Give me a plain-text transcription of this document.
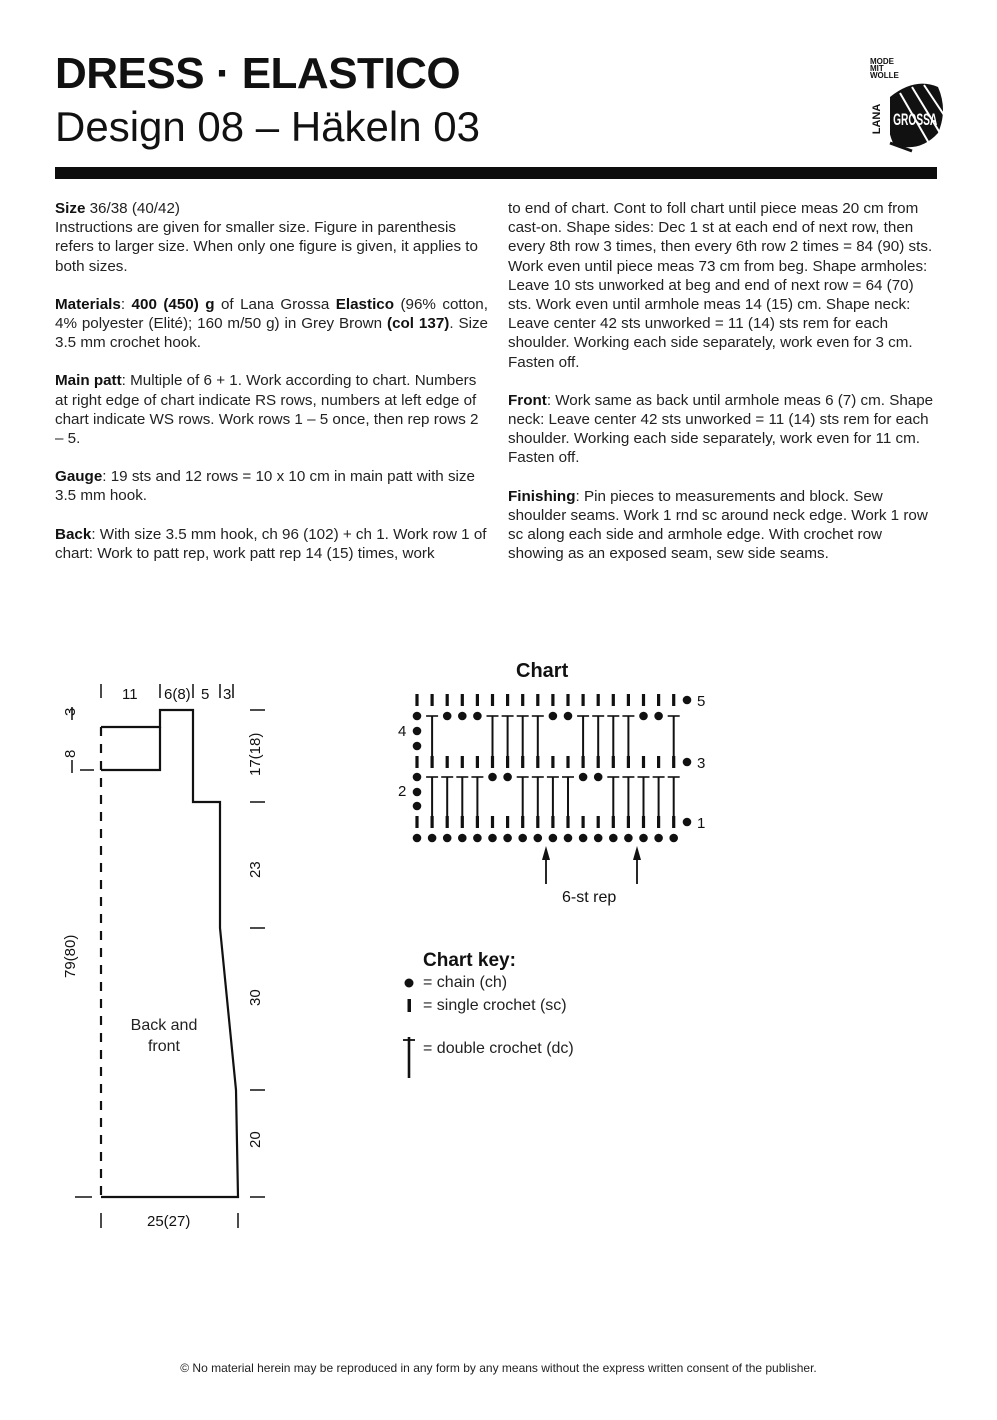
DRESS · ELASTICO
Design 08 – Häkeln 03
MODE
MIT
WOLLE
LANA GROSSA

Size 36/38 (40/42)
Instructions are given for smaller size. Figure in parenthesis refers to larger size. When only one figure is given, it applies to both sizes.

Materials: 400 (450) g of Lana Grossa Elastico (96% cotton, 4% polyester (Elité); 160 m/50 g) in Grey Brown (col 137). Size 3.5 mm crochet hook.

Main patt: Multiple of 6 + 1. Work according to chart. Numbers at right edge of chart indicate RS rows, numbers at left edge of chart indicate WS rows. Work rows 1 – 5 once, then rep rows 2 – 5.

Gauge: 19 sts and 12 rows = 10 x 10 cm in main patt with size 3.5 mm hook.

Back: With size 3.5 mm hook, ch 96 (102) + ch 1. Work row 1 of chart: Work to patt rep, work patt rep 14 (15) times, work

to end of chart. Cont to foll chart until piece meas 20 cm from cast-on. Shape sides: Dec 1 st at each end of next row, then every 8th row 3 times, then every 6th row 2 times = 84 (90) sts. Work even until piece meas 73 cm from beg. Shape armholes: Leave 10 sts unworked at beg and end of next row = 64 (70) sts. Work even until armhole meas 14 (15) cm. Shape neck: Leave center 42 sts unworked = 11 (14) sts rem for each shoulder. Working each side separately, work even for 3 cm. Fasten off.

Front: Work same as back until armhole meas 6 (7) cm. Shape neck: Leave center 42 sts unworked = 11 (14) sts rem for each shoulder. Working each side separately, work even for 11 cm. Fasten off.

Finishing: Pin pieces to measurements and block. Sew shoulder seams. Work 1 rnd sc around neck edge. Work 1 row sc along each side and armhole edge. With crochet row showing as an exposed seam, sew side seams.

11 6(8) 5 3
3
8
79(80)
17(18)
23
30
20
25(27)
Back and
front
Chart
4
2
5
3
1
6-st rep
Chart key:
= chain (ch)
= single crochet (sc)
= double crochet (dc)
© No material herein may be reproduced in any form by any means without the express written consent of the publisher.
